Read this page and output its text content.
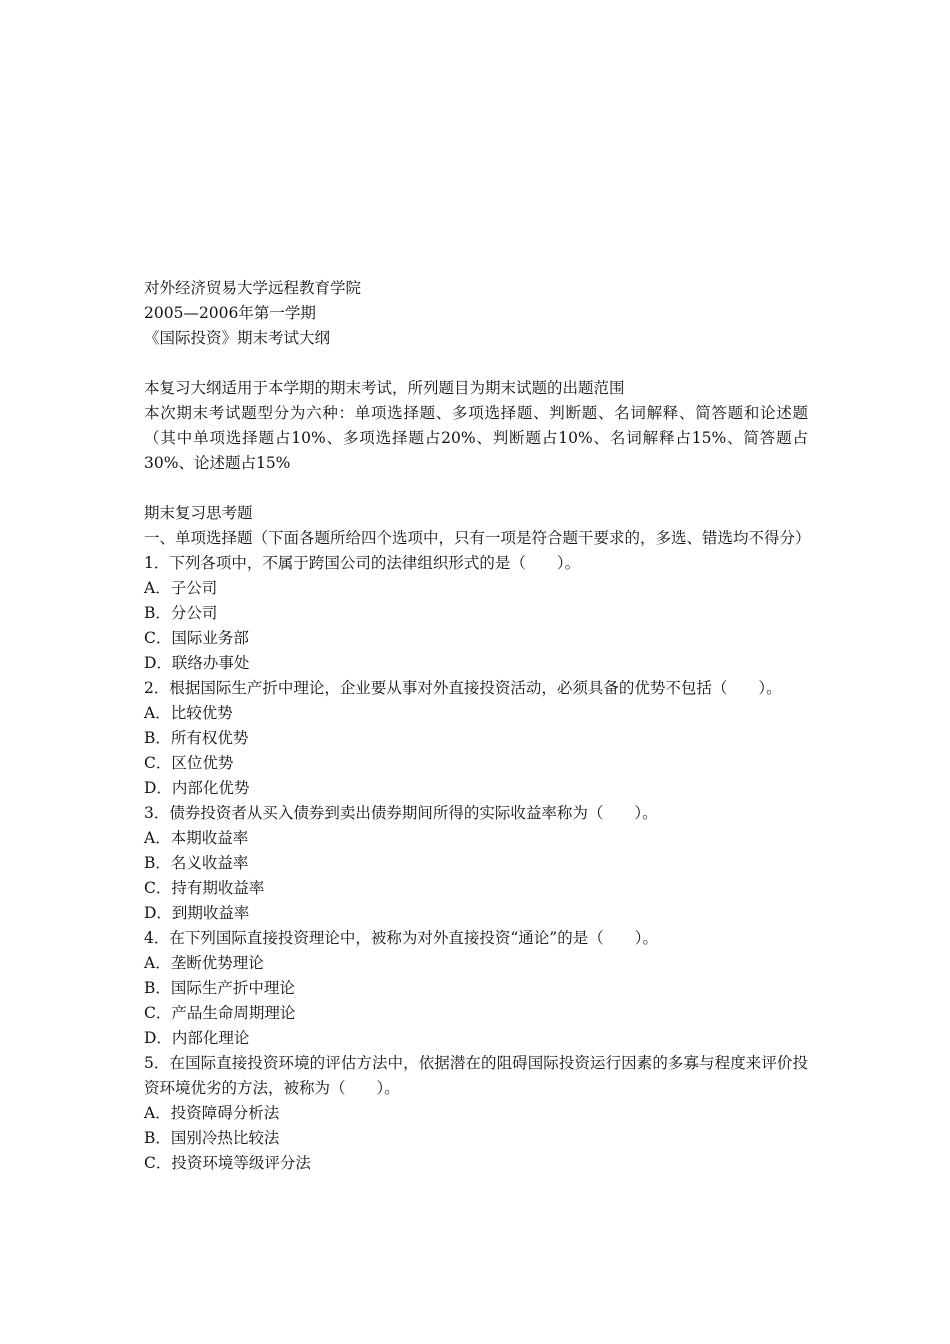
对外经济贸易大学远程教育学院
2005—2006年第一学期
《国际投资》期末考试大纲
本复习大纲适用于本学期的期末考试，所列题目为期末试题的出题范围
本次期末考试题型分为六种：单项选择题、多项选择题、判断题、名词解释、简答题和论述题（其中单项选择题占10%、多项选择题占20%、判断题占10%、名词解释占15%、简答题占30%、论述题占15%
期末复习思考题
一、单项选择题（下面各题所给四个选项中，只有一项是符合题干要求的，多选、错选均不得分）
1．下列各项中，不属于跨国公司的法律组织形式的是（　　）。
A．子公司
B．分公司
C．国际业务部
D．联络办事处
2．根据国际生产折中理论，企业要从事对外直接投资活动，必须具备的优势不包括（　　）。
A．比较优势
B．所有权优势
C．区位优势
D．内部化优势
3．债券投资者从买入债券到卖出债券期间所得的实际收益率称为（　　）。
A．本期收益率
B．名义收益率
C．持有期收益率
D．到期收益率
4．在下列国际直接投资理论中，被称为对外直接投资“通论”的是（　　）。
A．垄断优势理论
B．国际生产折中理论
C．产品生命周期理论
D．内部化理论
5．在国际直接投资环境的评估方法中，依据潜在的阻碍国际投资运行因素的多寡与程度来评价投资环境优劣的方法，被称为（　　）。
A．投资障碍分析法
B．国别冷热比较法
C．投资环境等级评分法
